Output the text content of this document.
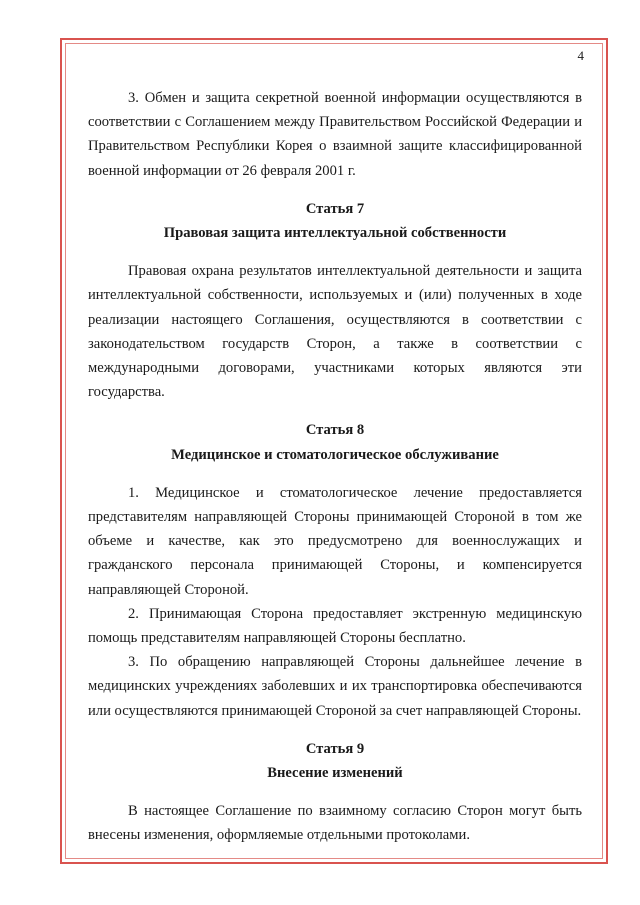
4

3. Обмен и защита секретной военной информации осуществляются в соответствии с Соглашением между Правительством Российской Федерации и Правительством Республики Корея о взаимной защите классифицированной военной информации от 26 февраля 2001 г.

Статья 7
Правовая защита интеллектуальной собственности

Правовая охрана результатов интеллектуальной деятельности и защита интеллектуальной собственности, используемых и (или) полученных в ходе реализации настоящего Соглашения, осуществляются в соответствии с законодательством государств Сторон, а также в соответствии с международными договорами, участниками которых являются эти государства.

Статья 8
Медицинское и стоматологическое обслуживание

1. Медицинское и стоматологическое лечение предоставляется представителям направляющей Стороны принимающей Стороной в том же объеме и качестве, как это предусмотрено для военнослужащих и гражданского персонала принимающей Стороны, и компенсируется направляющей Стороной.

2. Принимающая Сторона предоставляет экстренную медицинскую помощь представителям направляющей Стороны бесплатно.

3. По обращению направляющей Стороны дальнейшее лечение в медицинских учреждениях заболевших и их транспортировка обеспечиваются или осуществляются принимающей Стороной за счет направляющей Стороны.

Статья 9
Внесение изменений

В настоящее Соглашение по взаимному согласию Сторон могут быть внесены изменения, оформляемые отдельными протоколами.
